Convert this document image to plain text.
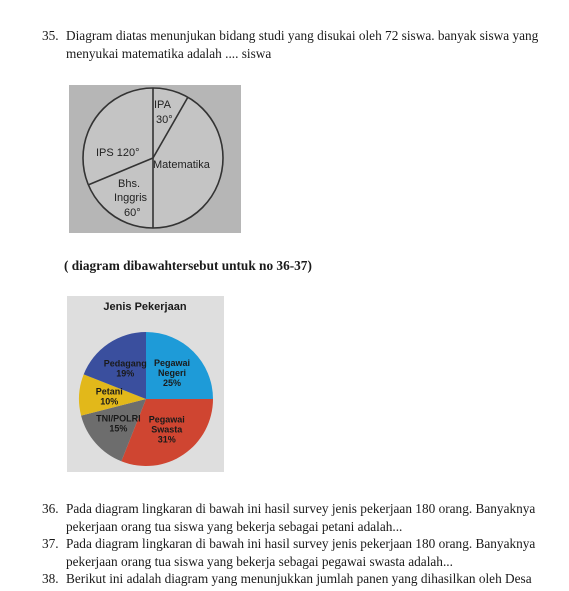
35. Diagram diatas menunjukan bidang studi yang disukai oleh 72 siswa. banyak siswa yang menyukai matematika adalah .... siswa
IPA
30°
IPS 120°
Matematika
Bhs.
Inggris
60°
( diagram dibawahtersebut untuk no 36-37)
Jenis Pekerjaan
Pegawai
Negeri
25%
Pegawai
Swasta
31%
TNI/POLRI
15%
Petani
10%
Pedagang
19%
36. Pada diagram lingkaran di bawah ini hasil survey jenis pekerjaan 180 orang. Banyaknya pekerjaan orang tua siswa yang bekerja sebagai petani adalah...
37. Pada diagram lingkaran di bawah ini hasil survey jenis pekerjaan 180 orang. Banyaknya pekerjaan orang tua siswa yang bekerja sebagai pegawai swasta adalah...
38. Berikut ini adalah diagram yang menunjukkan jumlah panen yang dihasilkan oleh Desa
